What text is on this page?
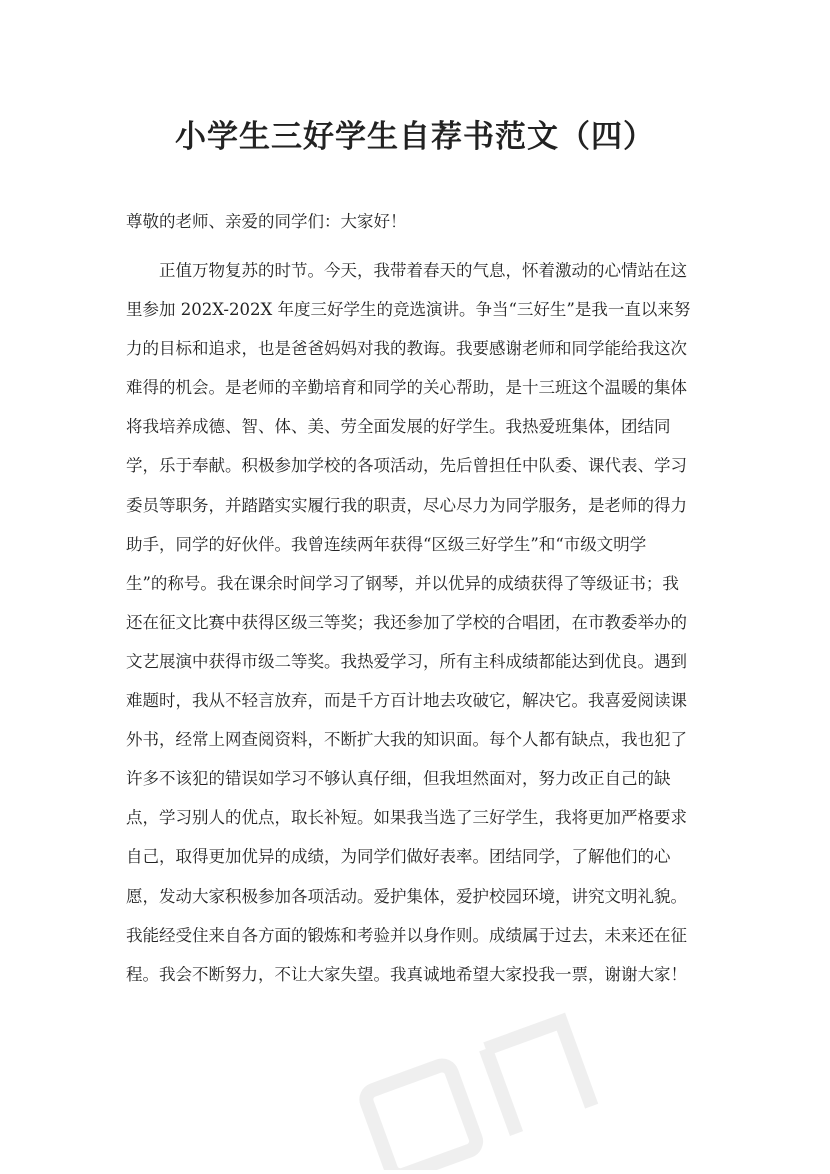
小学生三好学生自荐书范文（四）
尊敬的老师、亲爱的同学们：大家好！
正值万物复苏的时节。今天，我带着春天的气息，怀着激动的心情站在这
里参加 202X-202X 年度三好学生的竞选演讲。争当“三好生”是我一直以来努
力的目标和追求，也是爸爸妈妈对我的教诲。我要感谢老师和同学能给我这次
难得的机会。是老师的辛勤培育和同学的关心帮助，是十三班这个温暖的集体
将我培养成德、智、体、美、劳全面发展的好学生。我热爱班集体，团结同
学，乐于奉献。积极参加学校的各项活动，先后曾担任中队委、课代表、学习
委员等职务，并踏踏实实履行我的职责，尽心尽力为同学服务，是老师的得力
助手，同学的好伙伴。我曾连续两年获得“区级三好学生”和“市级文明学
生”的称号。我在课余时间学习了钢琴，并以优异的成绩获得了等级证书；我
还在征文比赛中获得区级三等奖；我还参加了学校的合唱团，在市教委举办的
文艺展演中获得市级二等奖。我热爱学习，所有主科成绩都能达到优良。遇到
难题时，我从不轻言放弃，而是千方百计地去攻破它，解决它。我喜爱阅读课
外书，经常上网查阅资料，不断扩大我的知识面。每个人都有缺点，我也犯了
许多不该犯的错误如学习不够认真仔细，但我坦然面对，努力改正自己的缺
点，学习别人的优点，取长补短。如果我当选了三好学生，我将更加严格要求
自己，取得更加优异的成绩，为同学们做好表率。团结同学，了解他们的心
愿，发动大家积极参加各项活动。爱护集体，爱护校园环境，讲究文明礼貌。
我能经受住来自各方面的锻炼和考验并以身作则。成绩属于过去，未来还在征
程。我会不断努力，不让大家失望。我真诚地希望大家投我一票，谢谢大家！
